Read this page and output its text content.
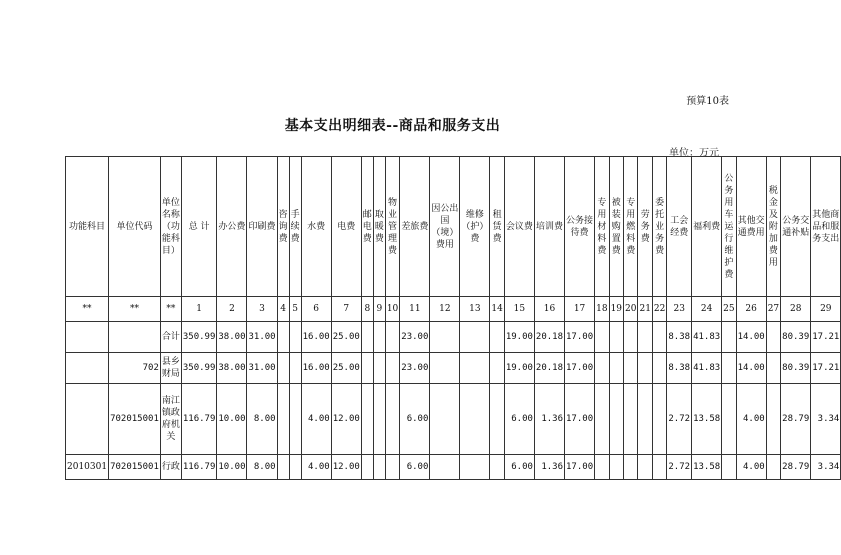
预算10表
基本支出明细表--商品和服务支出
单位：万元
功能科目	单位代码	单位名称（功能科目）	总 计	办公费	印刷费	咨询费	手续费	水费	电费	邮电费	取暖费	物业管理费	差旅费	因公出国（境）费用	维修（护）费	租赁费	会议费	培训费	公务接待费	专用材料费	被装购置费	专用燃料费	劳务费	委托业务费	工会经费	福利费	公务用车运行维护费	其他交通费用	税金及附加费用	公务交通补贴	其他商品和服务支出
**	**	**	1	2	3	4	5	6	7	8	9	10	11	12	13	14	15	16	17	18	19	20	21	22	23	24	25	26	27	28	29
		合计	350.99	38.00	31.00			16.00	25.00				23.00				19.00	20.18	17.00						8.38	41.83		14.00		80.39	17.21
	702	县乡财局	350.99	38.00	31.00			16.00	25.00				23.00				19.00	20.18	17.00						8.38	41.83		14.00		80.39	17.21
	702015001	南江镇政府机关	116.79	10.00	8.00			4.00	12.00				6.00				6.00	1.36	17.00						2.72	13.58		4.00		28.79	3.34
2010301	702015001	行政	116.79	10.00	8.00			4.00	12.00				6.00				6.00	1.36	17.00						2.72	13.58		4.00		28.79	3.34
